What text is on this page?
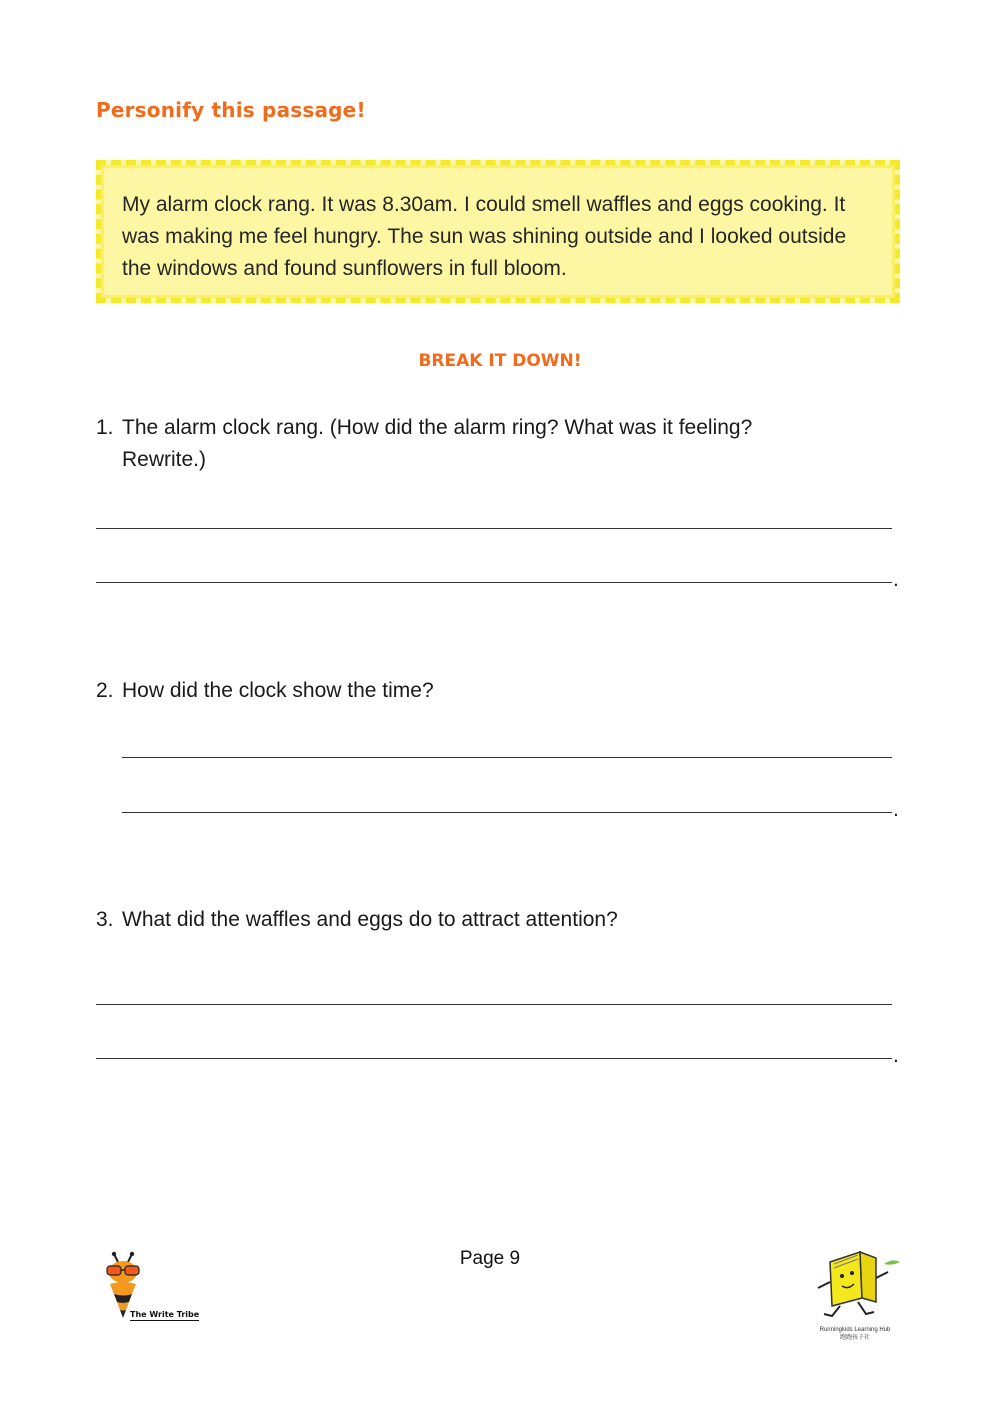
Personify this passage!
My alarm clock rang. It was 8.30am. I could smell waffles and eggs cooking. It was making me feel hungry. The sun was shining outside and I looked outside the windows and found sunflowers in full bloom.
BREAK IT DOWN!
1. The alarm clock rang. (How did the alarm ring? What was it feeling?
Rewrite.)
.
2. How did the clock show the time?
.
3. What did the waffles and eggs do to attract attention?
.
Page 9
The Write Tribe
Runningkids Learning Hub
跑跑孩子社
